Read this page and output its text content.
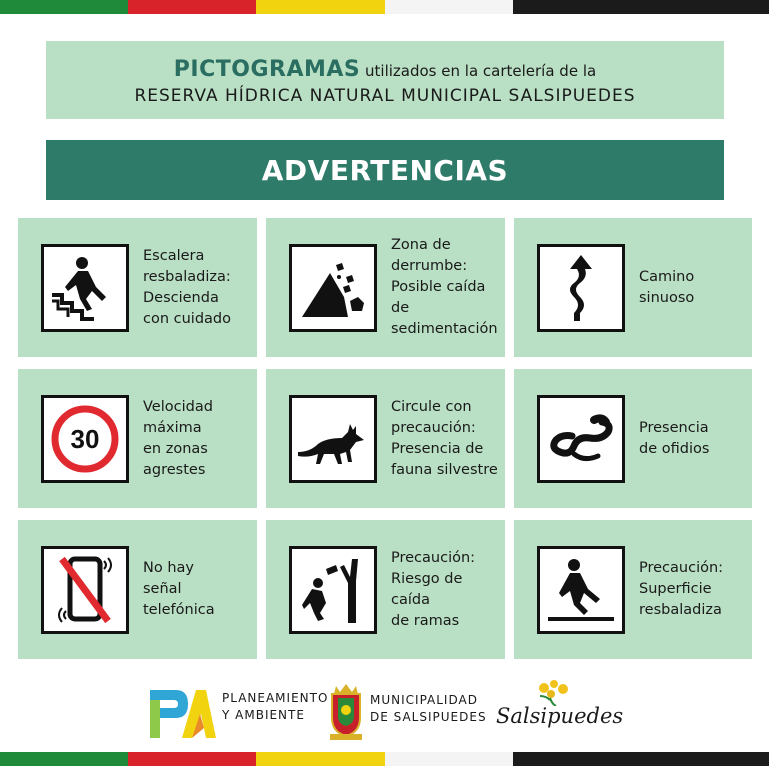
PICTOGRAMAS utilizados en la cartelería de la
RESERVA HÍDRICA NATURAL MUNICIPAL SALSIPUEDES
ADVERTENCIAS
Escalera
resbaladiza:
Descienda
con cuidado
Zona de
derrumbe:
Posible caída de
sedimentación
Camino
sinuoso
30
Velocidad
máxima
en zonas
agrestes
Circule con
precaución:
Presencia de
fauna silvestre
Presencia
de ofidios
No hay
señal
telefónica
Precaución:
Riesgo de caída
de ramas
Precaución:
Superficie
resbaladiza
PLANEAMIENTO
Y AMBIENTE
MUNICIPALIDAD
DE SALSIPUEDES Salsipuedes
